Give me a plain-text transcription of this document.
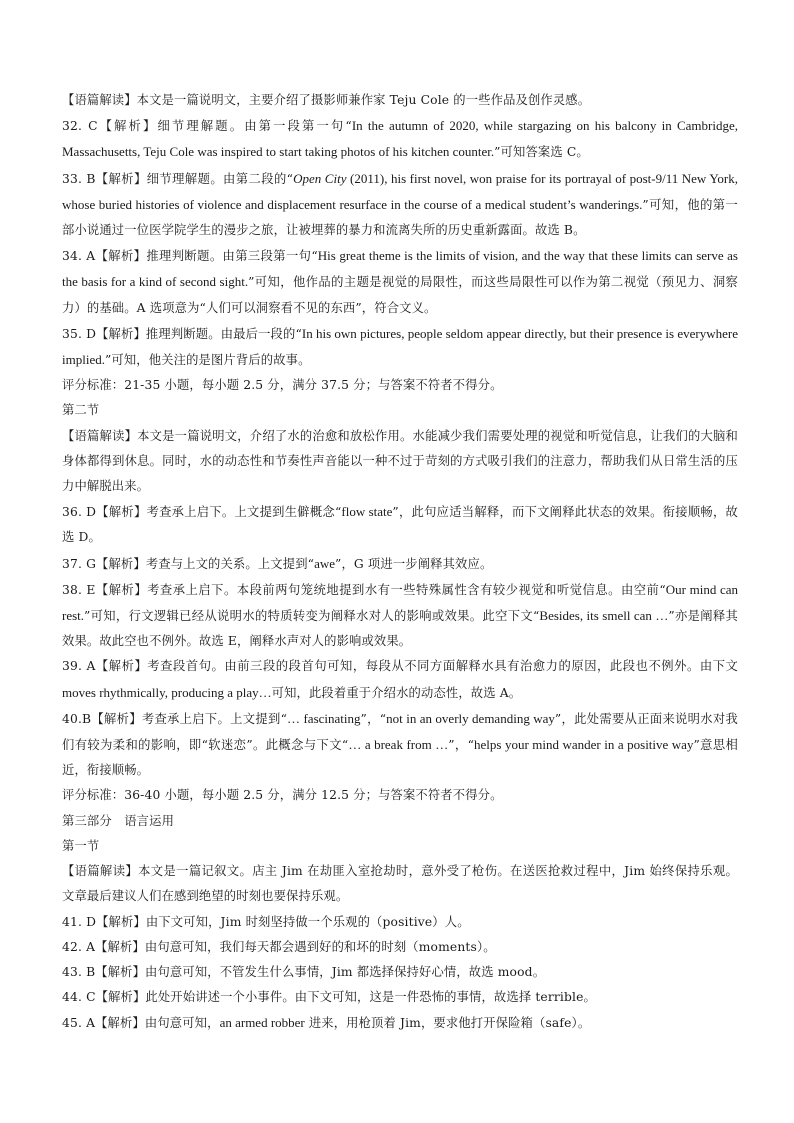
【语篇解读】本文是一篇说明文，主要介绍了摄影师兼作家 Teju Cole 的一些作品及创作灵感。

32. C【解析】细节理解题。由第一段第一句“In the autumn of 2020, while stargazing on his balcony in Cambridge, Massachusetts, Teju Cole was inspired to start taking photos of his kitchen counter.”可知答案选 C。

33. B【解析】细节理解题。由第二段的“Open City (2011), his first novel, won praise for its portrayal of post-9/11 New York, whose buried histories of violence and displacement resurface in the course of a medical student’s wanderings.”可知，他的第一部小说通过一位医学院学生的漫步之旅，让被埋葬的暴力和流离失所的历史重新露面。故选 B。

34. A【解析】推理判断题。由第三段第一句“His great theme is the limits of vision, and the way that these limits can serve as the basis for a kind of second sight.”可知，他作品的主题是视觉的局限性，而这些局限性可以作为第二视觉（预见力、洞察力）的基础。A 选项意为“人们可以洞察看不见的东西”，符合文义。

35. D【解析】推理判断题。由最后一段的“In his own pictures, people seldom appear directly, but their presence is everywhere implied.”可知，他关注的是图片背后的故事。

评分标准：21-35 小题，每小题 2.5 分，满分 37.5 分；与答案不符者不得分。

第二节

【语篇解读】本文是一篇说明文，介绍了水的治愈和放松作用。水能减少我们需要处理的视觉和听觉信息，让我们的大脑和身体都得到休息。同时，水的动态性和节奏性声音能以一种不过于苛刻的方式吸引我们的注意力，帮助我们从日常生活的压力中解脱出来。

36. D【解析】考查承上启下。上文提到生僻概念“flow state”，此句应适当解释，而下文阐释此状态的效果。衔接顺畅，故选 D。

37. G【解析】考查与上文的关系。上文提到“awe”，G 项进一步阐释其效应。

38. E【解析】考查承上启下。本段前两句笼统地提到水有一些特殊属性含有较少视觉和听觉信息。由空前“Our mind can rest.”可知，行文逻辑已经从说明水的特质转变为阐释水对人的影响或效果。此空下文“Besides, its smell can …”亦是阐释其效果。故此空也不例外。故选 E，阐释水声对人的影响或效果。

39. A【解析】考查段首句。由前三段的段首句可知，每段从不同方面解释水具有治愈力的原因，此段也不例外。由下文 moves rhythmically, producing a play…可知，此段着重于介绍水的动态性，故选 A。

40.B【解析】考查承上启下。上文提到“… fascinating”，“not in an overly demanding way”，此处需要从正面来说明水对我们有较为柔和的影响，即“软迷恋”。此概念与下文“… a break from …”，“helps your mind wander in a positive way”意思相近，衔接顺畅。

评分标准：36-40 小题，每小题 2.5 分，满分 12.5 分；与答案不符者不得分。

第三部分　语言运用

第一节

【语篇解读】本文是一篇记叙文。店主 Jim 在劫匪入室抢劫时，意外受了枪伤。在送医抢救过程中，Jim 始终保持乐观。文章最后建议人们在感到绝望的时刻也要保持乐观。

41. D【解析】由下文可知，Jim 时刻坚持做一个乐观的（positive）人。

42. A【解析】由句意可知，我们每天都会遇到好的和坏的时刻（moments）。

43. B【解析】由句意可知，不管发生什么事情，Jim 都选择保持好心情，故选 mood。

44. C【解析】此处开始讲述一个小事件。由下文可知，这是一件恐怖的事情，故选择 terrible。

45. A【解析】由句意可知，an armed robber 进来，用枪顶着 Jim，要求他打开保险箱（safe）。
